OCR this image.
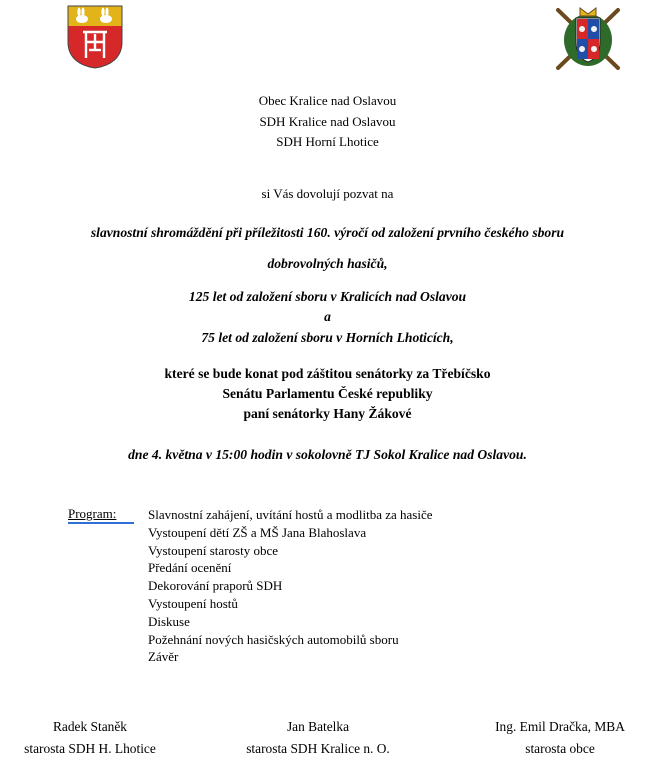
Obec Kralice nad Oslavou
SDH Kralice nad Oslavou
SDH Horní Lhotice
si Vás dovolují pozvat na
slavnostní shromáždění při příležitosti 160. výročí od založení prvního českého sboru
dobrovolných hasičů,
125 let od založení sboru v Kralicích nad Oslavou
a
75 let od založení sboru v Horních Lhoticích,
které se bude konat pod záštitou senátorky za Třebíčsko
Senátu Parlamentu České republiky
paní senátorky Hany Žákové
dne 4. května v 15:00 hodin v sokolovně TJ Sokol Kralice nad Oslavou.
Program: Slavnostní zahájení, uvítání hostů a modlitba za hasiče
Vystoupení dětí ZŠ a MŠ Jana Blahoslava
Vystoupení starosty obce
Předání ocenění
Dekorování praporů SDH
Vystoupení hostů
Diskuse
Požehnání nových hasičských automobilů sboru
Závěr
Radek Staněk
starosta SDH H. Lhotice
Jan Batelka
starosta SDH Kralice n. O.
Ing. Emil Dračka, MBA
starosta obce
